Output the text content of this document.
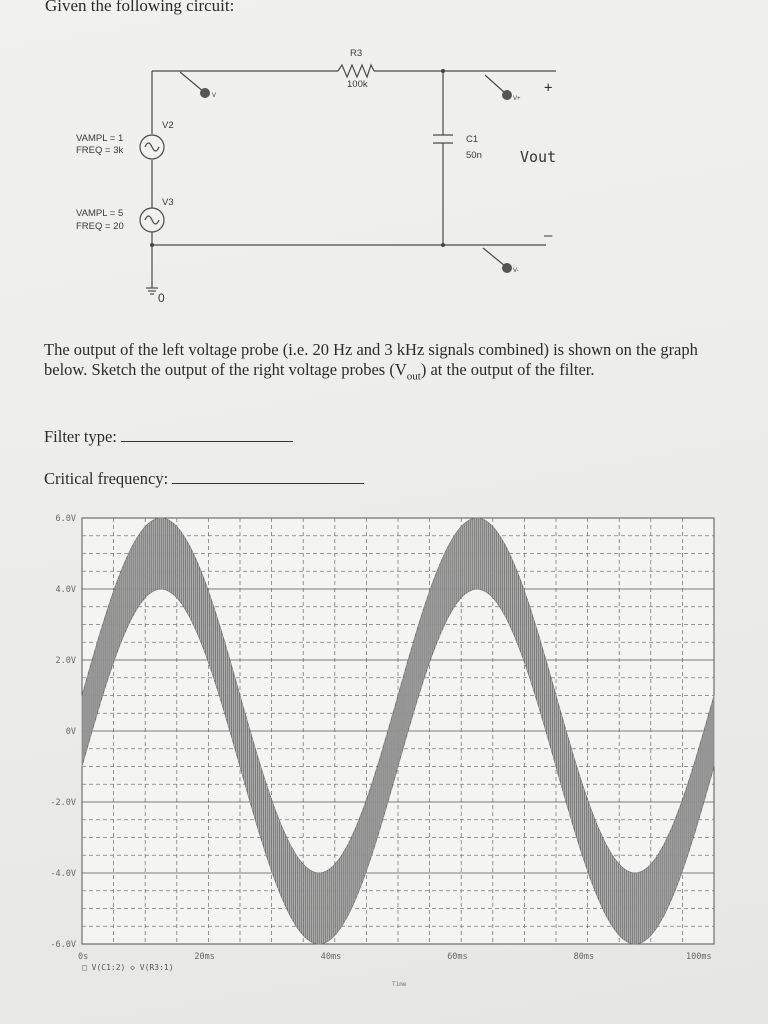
Given the following circuit:
R3
100k
V	V+
V-
V2
VAMPL = 1
FREQ = 3k
V3
VAMPL = 5
FREQ = 20
C1
50n
0
Vout
+
–
The output of the left voltage probe (i.e. 20 Hz and 3 kHz signals combined) is shown on the graph below. Sketch the output of the right voltage probes $(V_{out})$ at the output of the filter.
Filter type:
Critical frequency:
6.0V
4.0V
2.0V
0V
-2.0V
-4.0V
-6.0V
0s	20ms	40ms	60ms	80ms	100ms
□ V(C1:2) ◇ V(R3:1)
Time
